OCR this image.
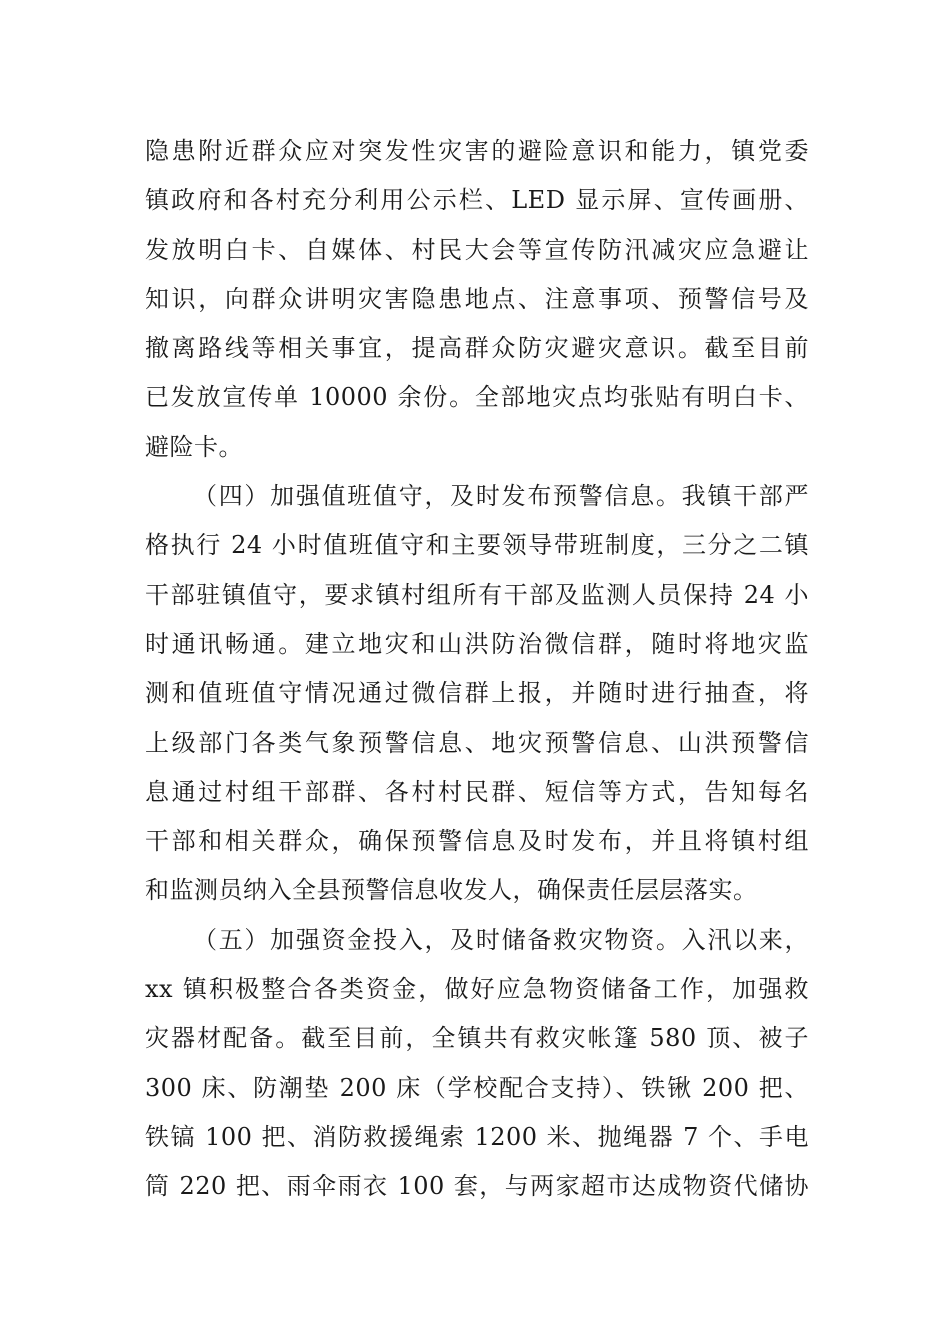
隐患附近群众应对突发性灾害的避险意识和能力，镇党委
镇政府和各村充分利用公示栏、LED 显示屏、宣传画册、
发放明白卡、自媒体、村民大会等宣传防汛减灾应急避让
知识，向群众讲明灾害隐患地点、注意事项、预警信号及
撤离路线等相关事宜，提高群众防灾避灾意识。截至目前
已发放宣传单 10000 余份。全部地灾点均张贴有明白卡、
避险卡。
（四）加强值班值守，及时发布预警信息。我镇干部严
格执行 24 小时值班值守和主要领导带班制度，三分之二镇
干部驻镇值守，要求镇村组所有干部及监测人员保持 24 小
时通讯畅通。建立地灾和山洪防治微信群，随时将地灾监
测和值班值守情况通过微信群上报，并随时进行抽查，将
上级部门各类气象预警信息、地灾预警信息、山洪预警信
息通过村组干部群、各村村民群、短信等方式，告知每名
干部和相关群众，确保预警信息及时发布，并且将镇村组
和监测员纳入全县预警信息收发人，确保责任层层落实。
（五）加强资金投入，及时储备救灾物资。入汛以来，
xx 镇积极整合各类资金，做好应急物资储备工作，加强救
灾器材配备。截至目前，全镇共有救灾帐篷 580 顶、被子
300 床、防潮垫 200 床（学校配合支持）、铁锹 200 把、
铁镐 100 把、消防救援绳索 1200 米、抛绳器 7 个、手电
筒 220 把、雨伞雨衣 100 套，与两家超市达成物资代储协
